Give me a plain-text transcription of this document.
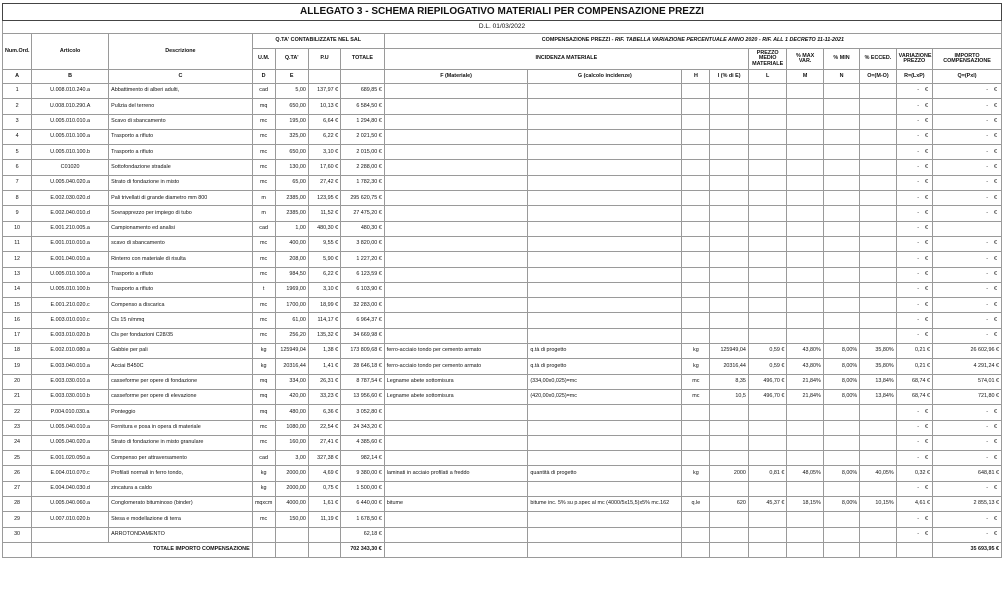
ALLEGATO 3 - SCHEMA RIEPILOGATIVO MATERIALI PER COMPENSAZIONE PREZZI																
D.L. 01/03/2022																
Num.Ord.	Articolo	Descrizione	Q.TA' CONTABILIZZATE NEL SAL				COMPENSAZIONE PREZZI - RIF. TABELLA VARIAZIONE PERCENTUALE ANNO 2020 - RIF. ALL 1 DECRETO 11-11-2021									
			U.M.	Q.TA'	P.U	TOTALE	INCIDENZA MATERIALE				PREZZO MEDIO MATERIALE	% MAX VAR.	% MIN	% ECCED.	VARIAZIONE PREZZO	IMPORTO COMPENSAZIONE
A	B	C	D	E			F (Materiale)	G (calcolo incidenze)	H	I (% di E)	L	M	N	O=(M-O)	R=(LxP)	Q=(Pxl)
1	U.008.010.240.a	Abbattimento di alberi adulti,	cad	5,00	137,97 €	689,85 €									- €	- €

2	U.008.010.290.A	Pulizia del terreno	mq	650,00	10,13 €	6 584,50 €									- €	- €

3	U.005.010.010.a	Scavo di sbancamento	mc	195,00	6,64 €	1 294,80 €									- €	- €

4	U.005.010.100.a	Trasporto a rifiuto	mc	325,00	6,22 €	2 021,50 €									- €	- €

5	U.005.010.100.b	Trasporto a rifiuto	mc	650,00	3,10 €	2 015,00 €									- €	- €

6	C01020	Sottofondazione stradale	mc	130,00	17,60 €	2 288,00 €									- €	- €

7	U.005.040.020.a	Strato di fondazione in misto	mc	65,00	27,42 €	1 782,30 €									- €	- €

8	E.002.030.020.d	Pali trivellati di grande diametro mm 800	m	2385,00	123,95 €	295 620,75 €									- €	- €

9	E.002.040.010.d	Sovrapprezzo per impiego di tubo	m	2385,00	11,52 €	27 475,20 €									- €	- €

10	E.001.210.005.a	Campionamento ed analisi	cad	1,00	480,30 €	480,30 €									- €	

11	E.001.010.010.a	scavo di sbancamento	mc	400,00	9,55 €	3 820,00 €									- €	- €

12	E.001.040.010.a	Rinterro con materiale di risulta	mc	208,00	5,90 €	1 227,20 €									- €	- €

13	U.005.010.100.a	Trasporto a rifiuto	mc	984,50	6,22 €	6 123,59 €									- €	- €

14	U.005.010.100.b	Trasporto a rifiuto	t	1969,00	3,10 €	6 103,90 €									- €	- €

15	E.001.210.020.c	Compenso a discarica	mc	1700,00	18,99 €	32 283,00 €									- €	- €

16	E.003.010.010.c	Cls 15 n/mmq	mc	61,00	114,17 €	6 964,37 €									- €	- €

17	E.003.010.020.b	Cls per fondazioni C28/35	mc	256,20	135,32 €	34 669,98 €									- €	- €

18	E.002.010.080.a	Gabbie per pali	kg	125949,04	1,38 €	173 809,68 €	ferro-acciaio tondo per cemento armato	q.tà di progetto	kg	125949,04	0,59 €	43,80%	8,00%	35,80%	0,21 €	26 602,96 €
19	E.003.040.010.a	Acciai B450C	kg	20316,44	1,41 €	28 646,18 €	ferro-acciaio tondo per cemento armato	q.tà di progetto	kg	20316,44	0,59 €	43,80%	8,00%	35,80%	0,21 €	4 291,24 €
20	E.003.030.010.a	casseforme per opere di fondazione	mq	334,00	26,31 €	8 787,54 €	Legname abete sottomisura	(334,00x0,025)=mc	mc	8,35	496,70 €	21,84%	8,00%	13,84%	68,74 €	574,01 €
21	E.003.030.010.b	casseforme per opere di elevazione	mq	420,00	33,23 €	13 956,60 €	Legname abete sottomisura	(420,00x0,025)=mc	mc	10,5	496,70 €	21,84%	8,00%	13,84%	68,74 €	721,80 €
22	P.004.010.030.a	Ponteggio	mq	480,00	6,36 €	3 052,80 €									- €	- €

23	U.005.040.010.a	Fornitura e posa in opera di materiale	mc	1080,00	22,54 €	24 343,20 €									- €	- €

24	U.005.040.020.a	Strato di fondazione in misto granulare	mc	160,00	27,41 €	4 385,60 €									- €	- €

25	E.001.020.050.a	Compenso per attraversamento	cad	3,00	327,38 €	982,14 €									- €	- €

26	E.004.010.070.c	Profilati normali in ferro tondo,	kg	2000,00	4,69 €	9 380,00 €	laminati in acciaio profilati a freddo	quantità di progetto	kg	2000	0,81 €	48,05%	8,00%	40,05%	0,32 €	648,81 €
27	E.004.040.030.d	zincatura a caldo	kg	2000,00	0,75 €	1 500,00 €									- €	- €

28	U.005.040.060.a	Conglomerato bituminoso (binder)	mqxcm	4000,00	1,61 €	6 440,00 €	bitume	bitume inc. 5% su p.spec al mc (4000/5x15,5)x5% mc.162	q.le	620	45,37 €	18,15%	8,00%	10,15%	4,61 €	2 855,13 €
29	U.007.010.020.b	Stesa e modellazione di terra	mc	150,00	11,19 €	1 678,50 €									- €	- €

30		ARROTONDAMENTO				62,18 €									- €	- €

	TOTALE IMPORTO COMPENSAZIONE					702 343,30 €										35 693,95 €
